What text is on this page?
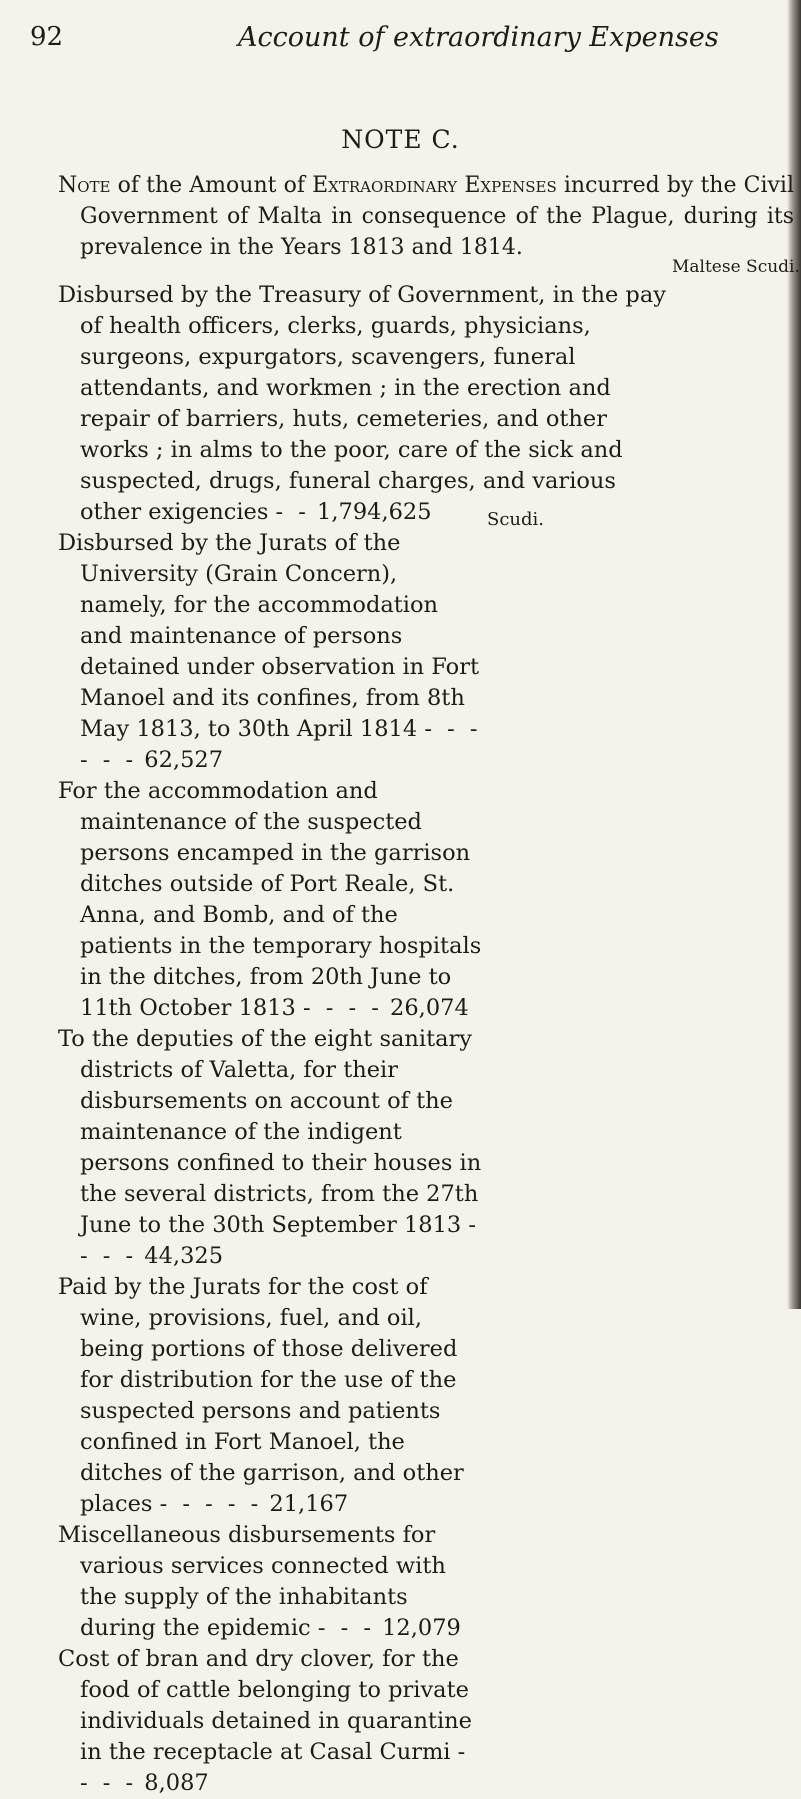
92	Account of extraordinary Expenses
NOTE C.
Note of the Amount of Extraordinary Expenses incurred by the Civil Government of Malta in consequence of the Plague, during its prevalence in the Years 1813 and 1814.
Maltese Scudi.
Disbursed by the Treasury of Government, in the pay of health officers, clerks, guards, physicians, surgeons, expurgators, scavengers, funeral attendants, and workmen ; in the erection and repair of barriers, huts, cemeteries, and other works ; in alms to the poor, care of the sick and suspected, drugs, funeral charges, and various other exigencies - - 1,794,625
Disbursed by the Jurats of the University (Grain Concern), namely, for the accommodation and maintenance of persons detained under observation in Fort Manoel and its confines, from 8th May 1813, to 30th April 1814 - - - - - - 62,527
For the accommodation and maintenance of the suspected persons encamped in the garrison ditches outside of Port Reale, St. Anna, and Bomb, and of the patients in the temporary hospitals in the ditches, from 20th June to 11th October 1813 - - - - 26,074
To the deputies of the eight sanitary districts of Valetta, for their disbursements on account of the maintenance of the indigent persons confined to their houses in the several districts, from the 27th June to the 30th September 1813 - - - - 44,325
Paid by the Jurats for the cost of wine, provisions, fuel, and oil, being portions of those delivered for distribution for the use of the suspected persons and patients confined in Fort Manoel, the ditches of the garrison, and other places - - - - - 21,167
Miscellaneous disbursements for various services connected with the supply of the inhabitants during the epidemic - - - 12,079
Cost of bran and dry clover, for the food of cattle belonging to private individuals detained in quarantine in the receptacle at Casal Curmi - - - - 8,087
Scudi.
